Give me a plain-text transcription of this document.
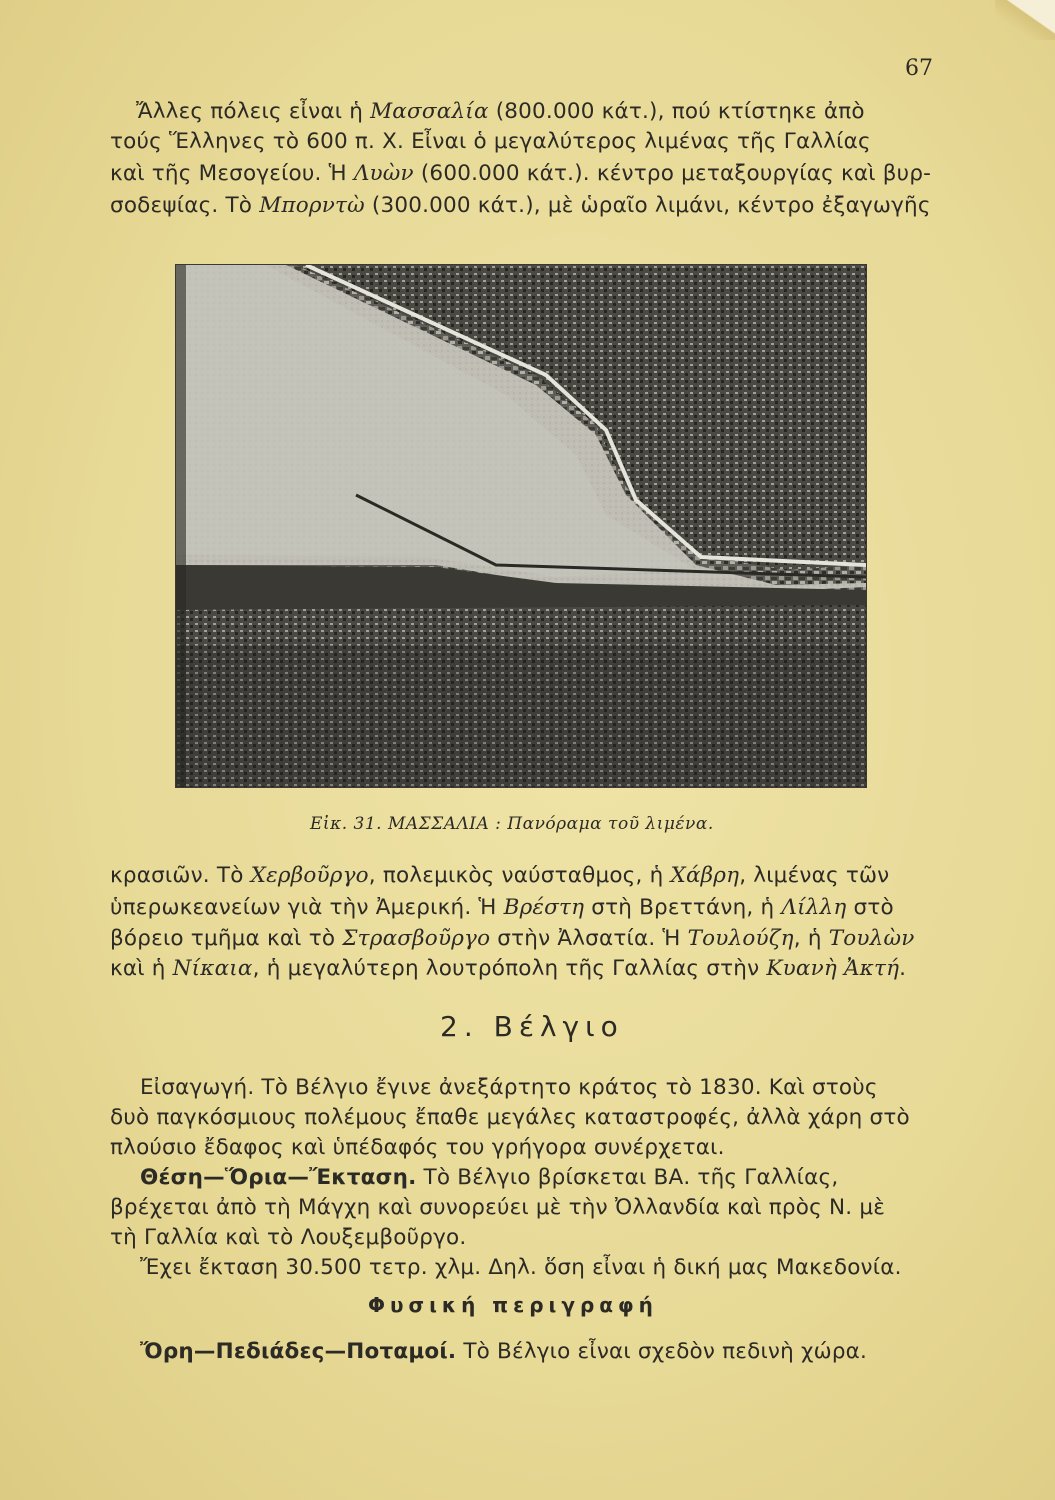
67
Ἄλλες πόλεις εἶναι ἡ Μασσαλία (800.000 κάτ.), πού κτίστηκε ἀπὸ
τούς Ἕλληνες τὸ 600 π. Χ. Εἶναι ὁ μεγαλύτερος λιμένας τῆς Γαλλίας
καὶ τῆς Μεσογείου. Ἡ Λυὼν (600.000 κάτ.). κέντρο μεταξουργίας καὶ βυρ-
σοδεψίας. Τὸ Μπορντὼ (300.000 κάτ.), μὲ ὡραῖο λιμάνι, κέντρο ἐξαγωγῆς
Εἰκ. 31. ΜΑΣΣΑΛΙΑ : Πανόραμα τοῦ λιμένα.
κρασιῶν. Τὸ Χερβοῦργο, πολεμικὸς ναύσταθμος, ἡ Χάβρη, λιμένας τῶν
ὑπερωκεανείων γιὰ τὴν Ἀμερική. Ἡ Βρέστη στὴ Βρεττάνη, ἡ Λίλλη στὸ
βόρειο τμῆμα καὶ τὸ Στρασβοῦργο στὴν Ἀλσατία. Ἡ Τουλούζη, ἡ Τουλὼν
καὶ ἡ Νίκαια, ἡ μεγαλύτερη λουτρόπολη τῆς Γαλλίας στὴν Κυανὴ Ἀκτή.
2. Βέλγιο
Εἰσαγωγή. Τὸ Βέλγιο ἔγινε ἀνεξάρτητο κράτος τὸ 1830. Καὶ στοὺς
δυὸ παγκόσμιους πολέμους ἔπαθε μεγάλες καταστροφές, ἀλλὰ χάρη στὸ
πλούσιο ἔδαφος καὶ ὑπέδαφός του γρήγορα συνέρχεται.
Θέση—Ὅρια—Ἔκταση. Τὸ Βέλγιο βρίσκεται ΒΑ. τῆς Γαλλίας,
βρέχεται ἀπὸ τὴ Μάγχη καὶ συνορεύει μὲ τὴν Ὀλλανδία καὶ πρὸς Ν. μὲ
τὴ Γαλλία καὶ τὸ Λουξεμβοῦργο.
Ἔχει ἔκταση 30.500 τετρ. χλμ. Δηλ. ὅση εἶναι ἡ δική μας Μακεδονία.
Φυσική περιγραφή
Ὄρη—Πεδιάδες—Ποταμοί. Τὸ Βέλγιο εἶναι σχεδὸν πεδινὴ χώρα.
